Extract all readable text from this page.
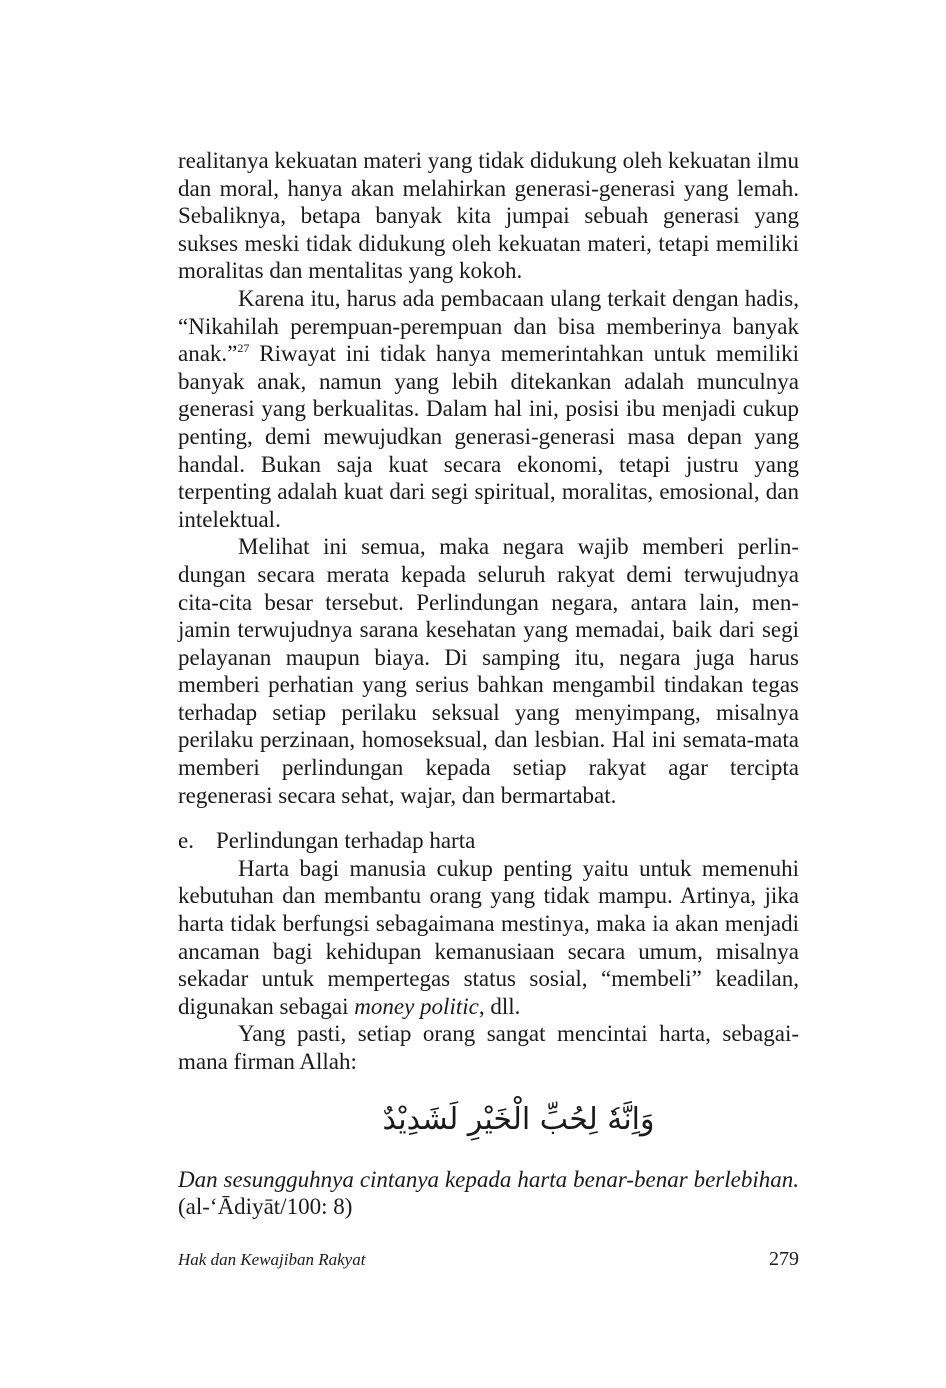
realitanya kekuatan materi yang tidak didukung oleh kekuatan ilmu dan moral, hanya akan melahirkan generasi-generasi yang lemah. Sebaliknya, betapa banyak kita jumpai sebuah generasi yang sukses meski tidak didukung oleh kekuatan materi, tetapi memiliki moralitas dan mentalitas yang kokoh.

Karena itu, harus ada pembacaan ulang terkait dengan hadis, “Nikahilah perempuan-perempuan dan bisa memberinya banyak anak.”$^{27}$ Riwayat ini tidak hanya memerintahkan untuk memiliki banyak anak, namun yang lebih ditekankan adalah munculnya generasi yang berkualitas. Dalam hal ini, posisi ibu menjadi cukup penting, demi mewujudkan generasi-generasi masa depan yang handal. Bukan saja kuat secara ekonomi, tetapi justru yang terpenting adalah kuat dari segi spiritual, moralitas, emosional, dan intelektual.

Melihat ini semua, maka negara wajib memberi perlin-dungan secara merata kepada seluruh rakyat demi terwujudnya cita-cita besar tersebut. Perlindungan negara, antara lain, men-jamin terwujudnya sarana kesehatan yang memadai, baik dari segi pelayanan maupun biaya. Di samping itu, negara juga harus memberi perhatian yang serius bahkan mengambil tindakan tegas terhadap setiap perilaku seksual yang menyimpang, misalnya perilaku perzinaan, homoseksual, dan lesbian. Hal ini semata-mata memberi perlindungan kepada setiap rakyat agar tercipta regenerasi secara sehat, wajar, dan bermartabat.

e. Perlindungan terhadap harta

Harta bagi manusia cukup penting yaitu untuk memenuhi kebutuhan dan membantu orang yang tidak mampu. Artinya, jika harta tidak berfungsi sebagaimana mestinya, maka ia akan menjadi ancaman bagi kehidupan kemanusiaan secara umum, misalnya sekadar untuk mempertegas status sosial, “membeli” keadilan, digunakan sebagai money politic, dll.

Yang pasti, setiap orang sangat mencintai harta, sebagai-mana firman Allah:

وَاِنَّهٗ لِحُبِّ الْخَيْرِ لَشَدِيْدٌ

Dan sesungguhnya cintanya kepada harta benar-benar berlebihan.

(al-‘Ādiyāt/100: 8)

Hak dan Kewajiban Rakyat	279
